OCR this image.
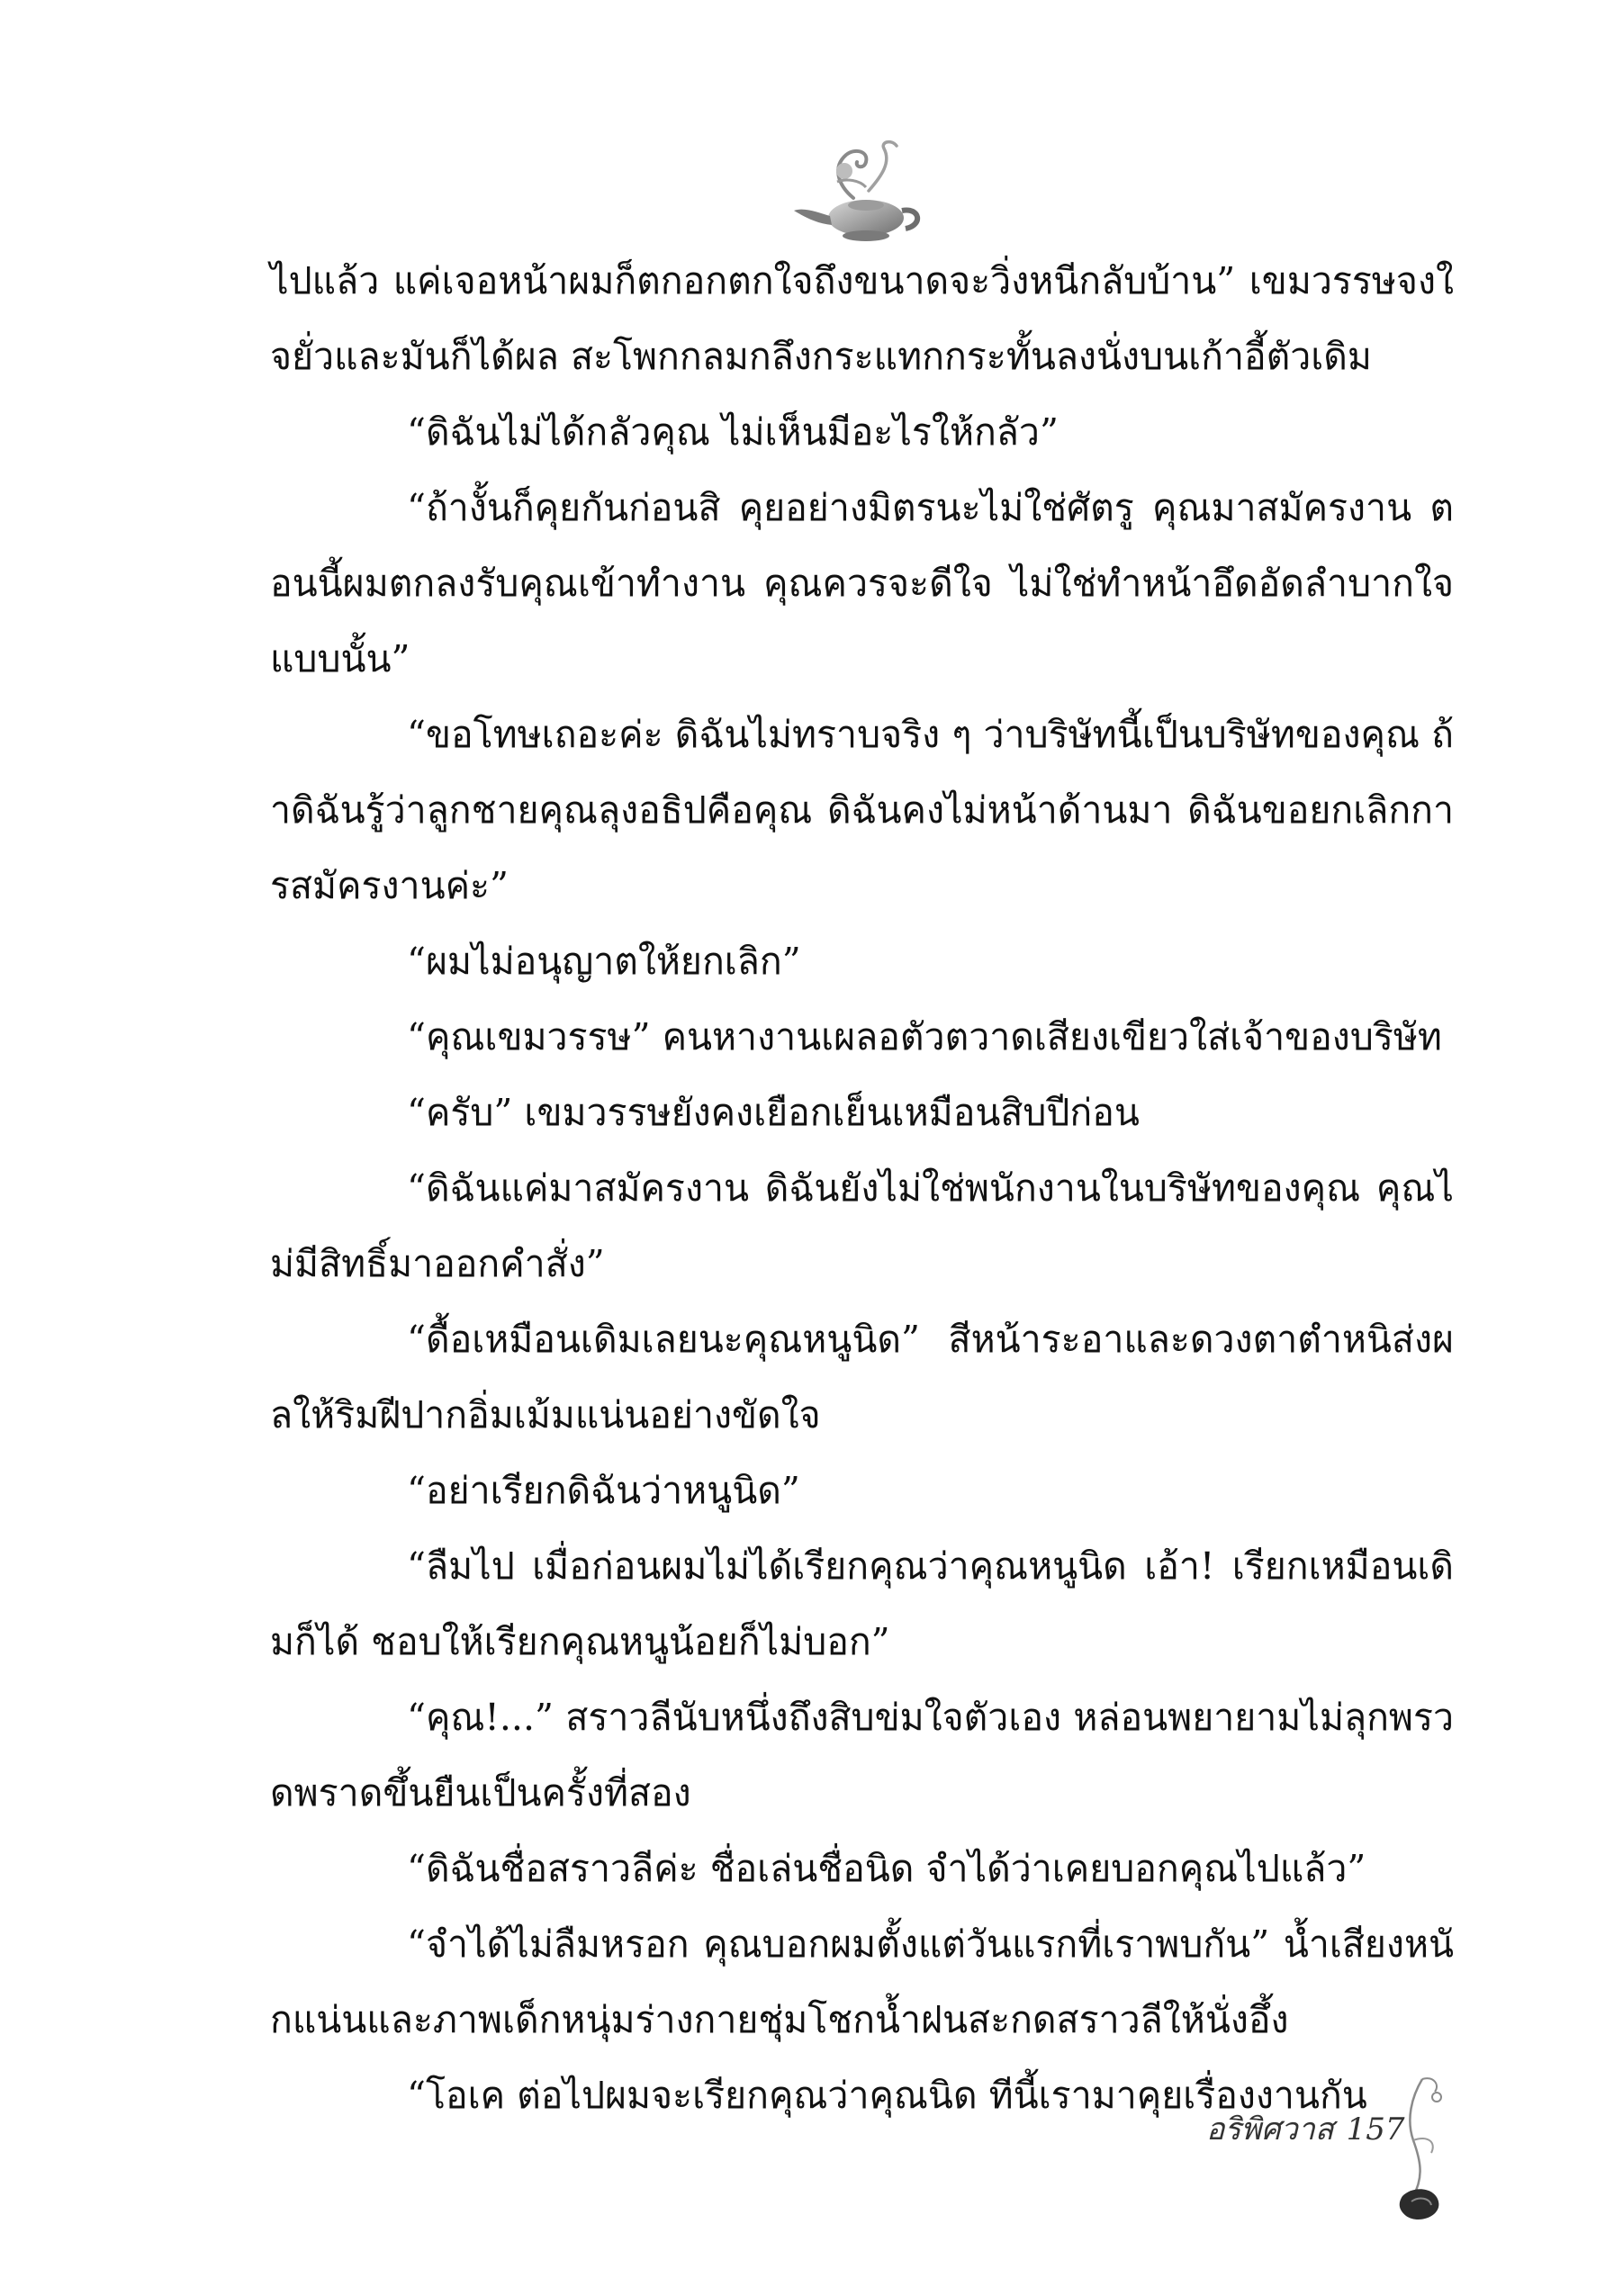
ไปแล้ว แค่เจอหน้าผมก็ตกอกตกใจถึงขนาดจะวิ่งหนีกลับบ้าน” เขมวรรษจงใจยั่วและมันก็ได้ผล สะโพกกลมกลึงกระแทกกระทั้นลงนั่งบนเก้าอี้ตัวเดิม

“ดิฉันไม่ได้กลัวคุณ ไม่เห็นมีอะไรให้กลัว”

“ถ้างั้นก็คุยกันก่อนสิ คุยอย่างมิตรนะไม่ใช่ศัตรู คุณมาสมัครงาน ตอนนี้ผมตกลงรับคุณเข้าทำงาน คุณควรจะดีใจ ไม่ใช่ทำหน้าอึดอัดลำบากใจแบบนั้น”

“ขอโทษเถอะค่ะ ดิฉันไม่ทราบจริง ๆ ว่าบริษัทนี้เป็นบริษัทของคุณ ถ้าดิฉันรู้ว่าลูกชายคุณลุงอธิปคือคุณ ดิฉันคงไม่หน้าด้านมา ดิฉันขอยกเลิกการสมัครงานค่ะ”

“ผมไม่อนุญาตให้ยกเลิก”

“คุณเขมวรรษ” คนหางานเผลอตัวตวาดเสียงเขียวใส่เจ้าของบริษัท

“ครับ” เขมวรรษยังคงเยือกเย็นเหมือนสิบปีก่อน

“ดิฉันแค่มาสมัครงาน ดิฉันยังไม่ใช่พนักงานในบริษัทของคุณ คุณไม่มีสิทธิ์มาออกคำสั่ง”

“ดื้อเหมือนเดิมเลยนะคุณหนูนิด” สีหน้าระอาและดวงตาตำหนิส่งผลให้ริมฝีปากอิ่มเม้มแน่นอย่างขัดใจ

“อย่าเรียกดิฉันว่าหนูนิด”

“ลืมไป เมื่อก่อนผมไม่ได้เรียกคุณว่าคุณหนูนิด เอ้า! เรียกเหมือนเดิมก็ได้ ชอบให้เรียกคุณหนูน้อยก็ไม่บอก”

“คุณ!...” สราวลีนับหนึ่งถึงสิบข่มใจตัวเอง หล่อนพยายามไม่ลุกพรวดพราดขึ้นยืนเป็นครั้งที่สอง

“ดิฉันชื่อสราวลีค่ะ ชื่อเล่นชื่อนิด จำได้ว่าเคยบอกคุณไปแล้ว”

“จำได้ไม่ลืมหรอก คุณบอกผมตั้งแต่วันแรกที่เราพบกัน” น้ำเสียงหนักแน่นและภาพเด็กหนุ่มร่างกายชุ่มโชกน้ำฝนสะกดสราวลีให้นั่งอึ้ง

“โอเค ต่อไปผมจะเรียกคุณว่าคุณนิด ทีนี้เรามาคุยเรื่องงานกัน

อริพิศวาส 157
